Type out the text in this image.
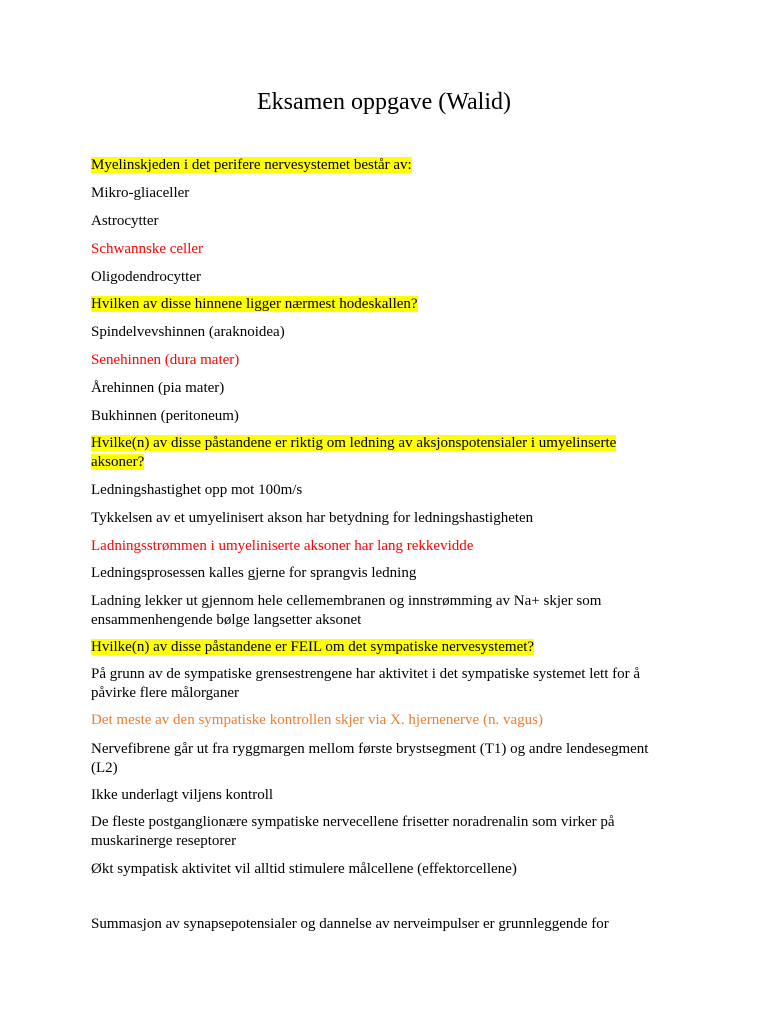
Eksamen oppgave (Walid)
Myelinskjeden i det perifere nervesystemet består av:
Mikro-gliaceller
Astrocytter
Schwannske celler
Oligodendrocytter
Hvilken av disse hinnene ligger nærmest hodeskallen?
Spindelvevshinnen (araknoidea)
Senehinnen (dura mater)
Årehinnen (pia mater)
Bukhinnen (peritoneum)
Hvilke(n) av disse påstandene er riktig om ledning av aksjonspotensialer i umyelinserte
aksoner?
Ledningshastighet opp mot 100m/s
Tykkelsen av et umyelinisert akson har betydning for ledningshastigheten
Ladningsstrømmen i umyeliniserte aksoner har lang rekkevidde
Ledningsprosessen kalles gjerne for sprangvis ledning
Ladning lekker ut gjennom hele cellemembranen og innstrømming av Na+ skjer som
ensammenhengende bølge langsetter aksonet
Hvilke(n) av disse påstandene er FEIL om det sympatiske nervesystemet?
På grunn av de sympatiske grensestrengene har aktivitet i det sympatiske systemet lett for å
påvirke flere målorganer
Det meste av den sympatiske kontrollen skjer via X. hjernenerve (n. vagus)
Nervefibrene går ut fra ryggmargen mellom første brystsegment (T1) og andre lendesegment
(L2)
Ikke underlagt viljens kontroll
De fleste postganglionære sympatiske nervecellene frisetter noradrenalin som virker på
muskarinerge reseptorer
Økt sympatisk aktivitet vil alltid stimulere målcellene (effektorcellene)
Summasjon av synapsepotensialer og dannelse av nerveimpulser er grunnleggende for
